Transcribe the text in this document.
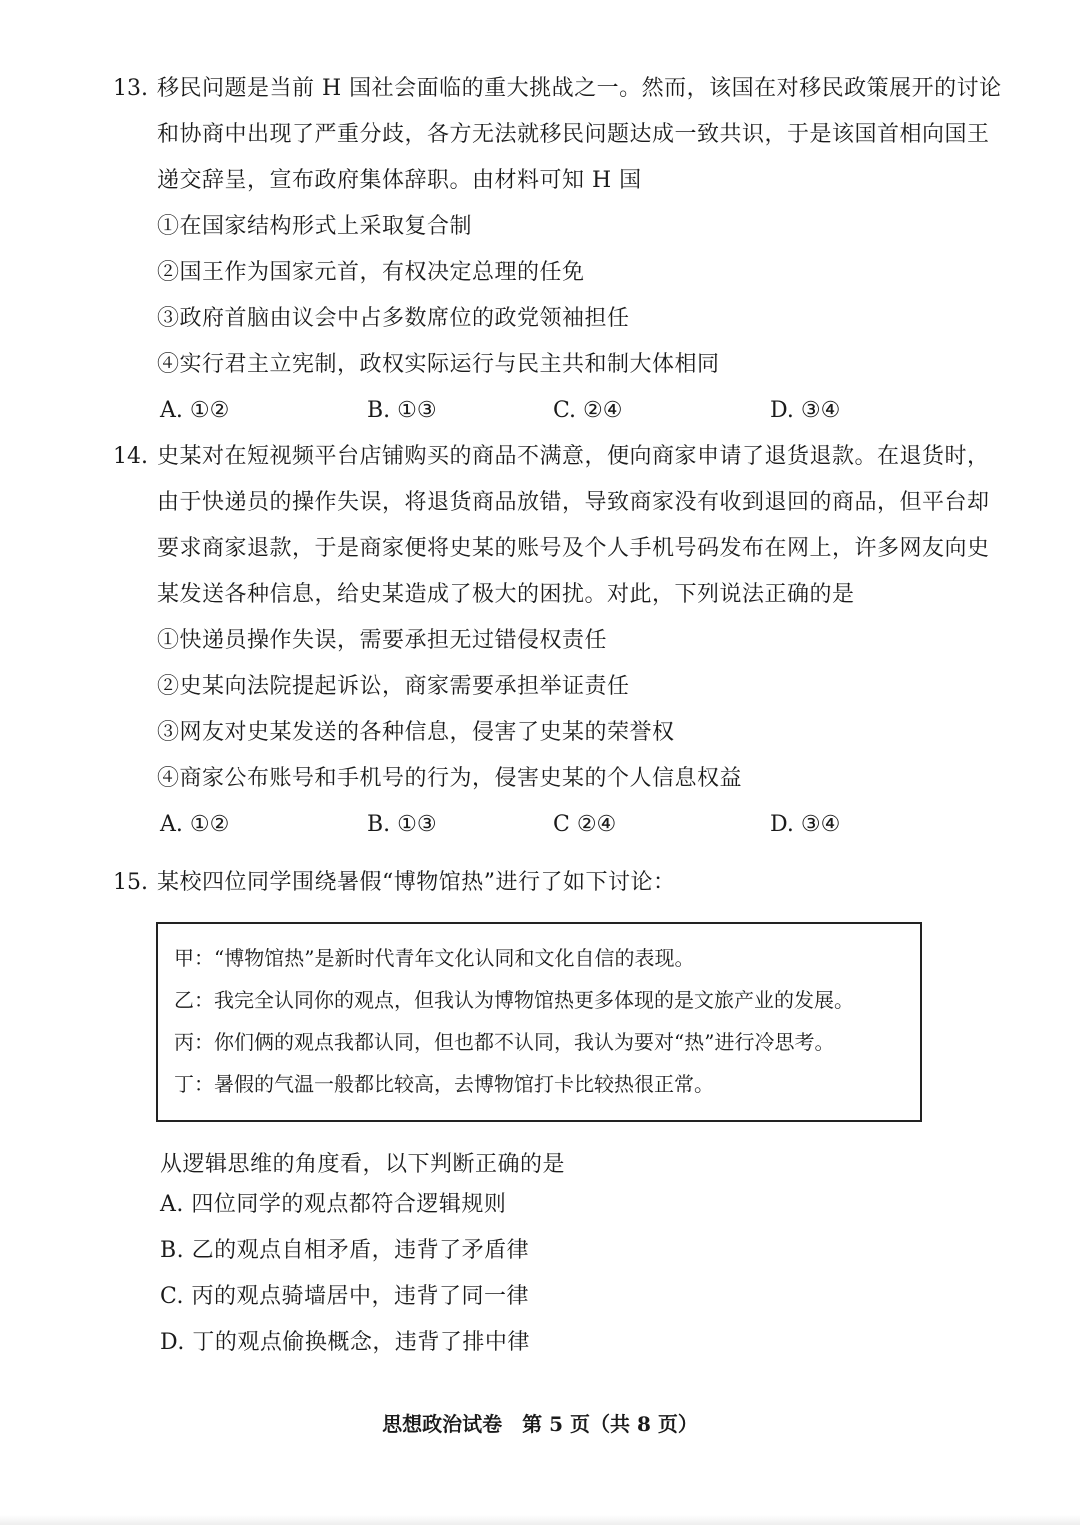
13. 移民问题是当前 H 国社会面临的重大挑战之一。然而，该国在对移民政策展开的讨论
和协商中出现了严重分歧，各方无法就移民问题达成一致共识，于是该国首相向国王
递交辞呈，宣布政府集体辞职。由材料可知 H 国
①在国家结构形式上采取复合制
②国王作为国家元首，有权决定总理的任免
③政府首脑由议会中占多数席位的政党领袖担任
④实行君主立宪制，政权实际运行与民主共和制大体相同
A. ①②	B. ①③	C. ②④	D. ③④
14. 史某对在短视频平台店铺购买的商品不满意，便向商家申请了退货退款。在退货时，
由于快递员的操作失误，将退货商品放错，导致商家没有收到退回的商品，但平台却
要求商家退款，于是商家便将史某的账号及个人手机号码发布在网上，许多网友向史
某发送各种信息，给史某造成了极大的困扰。对此，下列说法正确的是
①快递员操作失误，需要承担无过错侵权责任
②史某向法院提起诉讼，商家需要承担举证责任
③网友对史某发送的各种信息，侵害了史某的荣誉权
④商家公布账号和手机号的行为，侵害史某的个人信息权益
A. ①②	B. ①③	C ②④	D. ③④
15. 某校四位同学围绕暑假“博物馆热”进行了如下讨论：
甲：“博物馆热”是新时代青年文化认同和文化自信的表现。
乙：我完全认同你的观点，但我认为博物馆热更多体现的是文旅产业的发展。
丙：你们俩的观点我都认同，但也都不认同，我认为要对“热”进行冷思考。
丁：暑假的气温一般都比较高，去博物馆打卡比较热很正常。
从逻辑思维的角度看，以下判断正确的是
A. 四位同学的观点都符合逻辑规则
B. 乙的观点自相矛盾，违背了矛盾律
C. 丙的观点骑墙居中，违背了同一律
D. 丁的观点偷换概念，违背了排中律
思想政治试卷　第 5 页（共 8 页）
